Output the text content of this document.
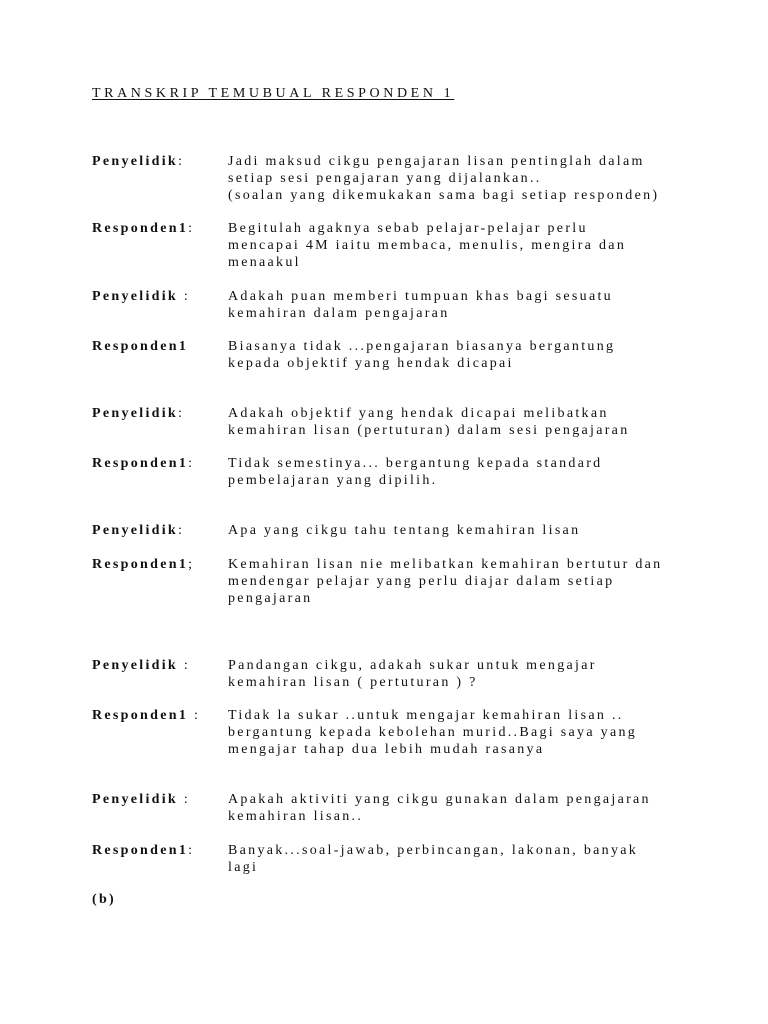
TRANSKRIP TEMUBUAL RESPONDEN 1
Penyelidik:	Jadi maksud cikgu pengajaran lisan pentinglah dalam
setiap sesi pengajaran yang dijalankan..
(soalan yang dikemukakan sama bagi setiap responden)
Responden1: Begitulah agaknya sebab pelajar-pelajar perlu
mencapai 4M iaitu membaca, menulis, mengira dan
menaakul
Penyelidik :	Adakah puan memberi tumpuan khas bagi sesuatu
kemahiran dalam pengajaran
Responden1	Biasanya tidak ...pengajaran biasanya bergantung
kepada objektif yang hendak dicapai
Penyelidik:	Adakah objektif yang hendak dicapai melibatkan
kemahiran lisan (pertuturan) dalam sesi pengajaran
Responden1: Tidak semestinya... bergantung kepada standard
pembelajaran yang dipilih.
Penyelidik:	Apa yang cikgu tahu tentang kemahiran lisan
Responden1; Kemahiran lisan nie melibatkan kemahiran bertutur dan
mendengar pelajar yang perlu diajar dalam setiap
pengajaran
Penyelidik :	Pandangan cikgu, adakah sukar untuk mengajar
kemahiran lisan ( pertuturan ) ?
Responden1 : Tidak la sukar ..untuk mengajar kemahiran lisan ..
bergantung kepada kebolehan murid..Bagi saya yang
mengajar tahap dua lebih mudah rasanya
Penyelidik :	Apakah aktiviti yang cikgu gunakan dalam pengajaran
kemahiran lisan..
Responden1: Banyak...soal-jawab, perbincangan, lakonan, banyak
lagi
(b)
